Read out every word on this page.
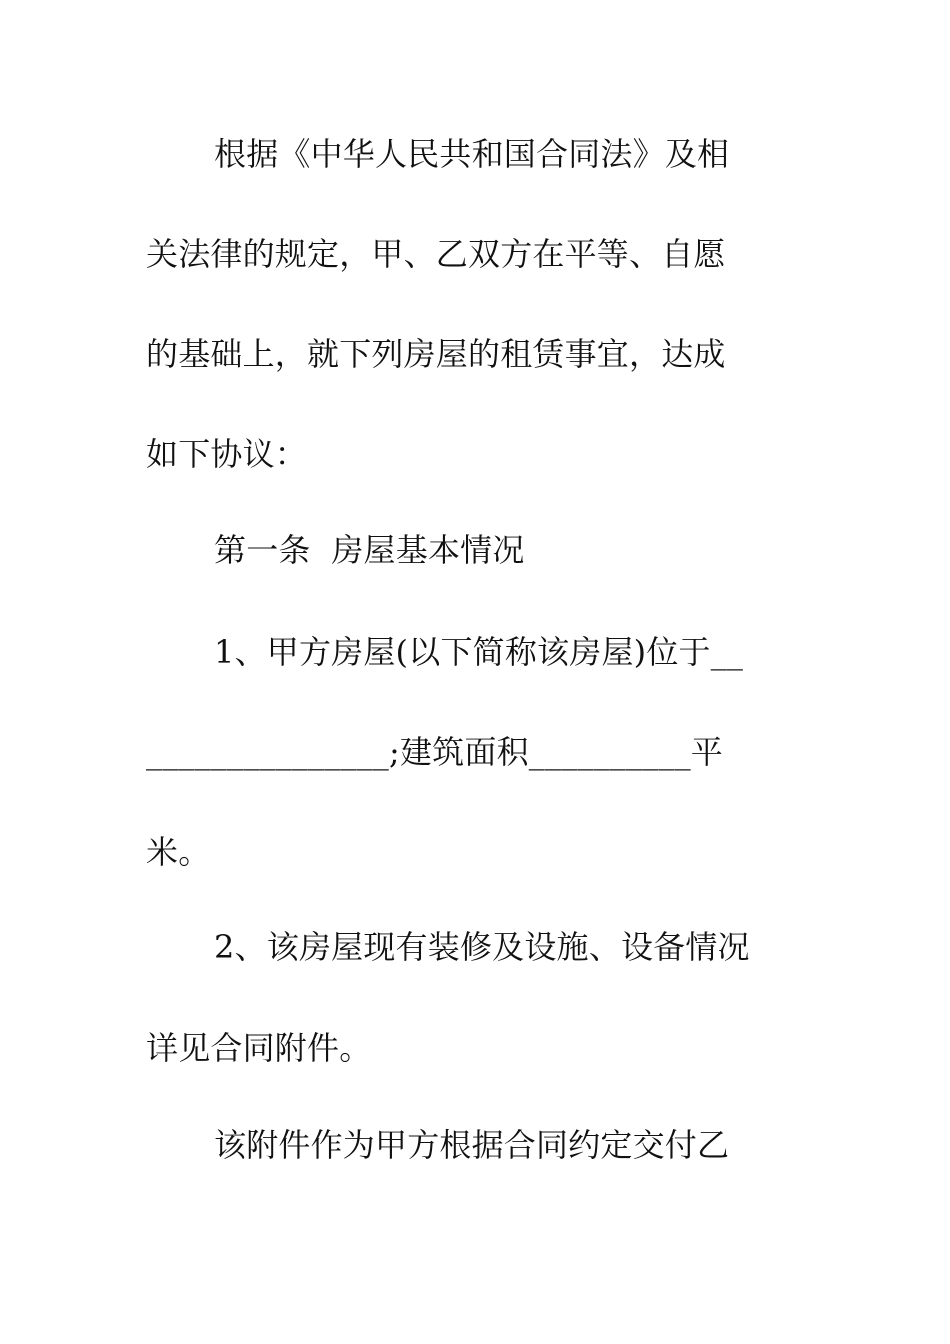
根据《中华人民共和国合同法》及相
关法律的规定，甲、乙双方在平等、自愿
的基础上，就下列房屋的租赁事宜，达成
如下协议：
第一条  房屋基本情况
1、甲方房屋(以下简称该房屋)位于__
_______________;建筑面积__________平
米。
2、该房屋现有装修及设施、设备情况
详见合同附件。
该附件作为甲方根据合同约定交付乙
